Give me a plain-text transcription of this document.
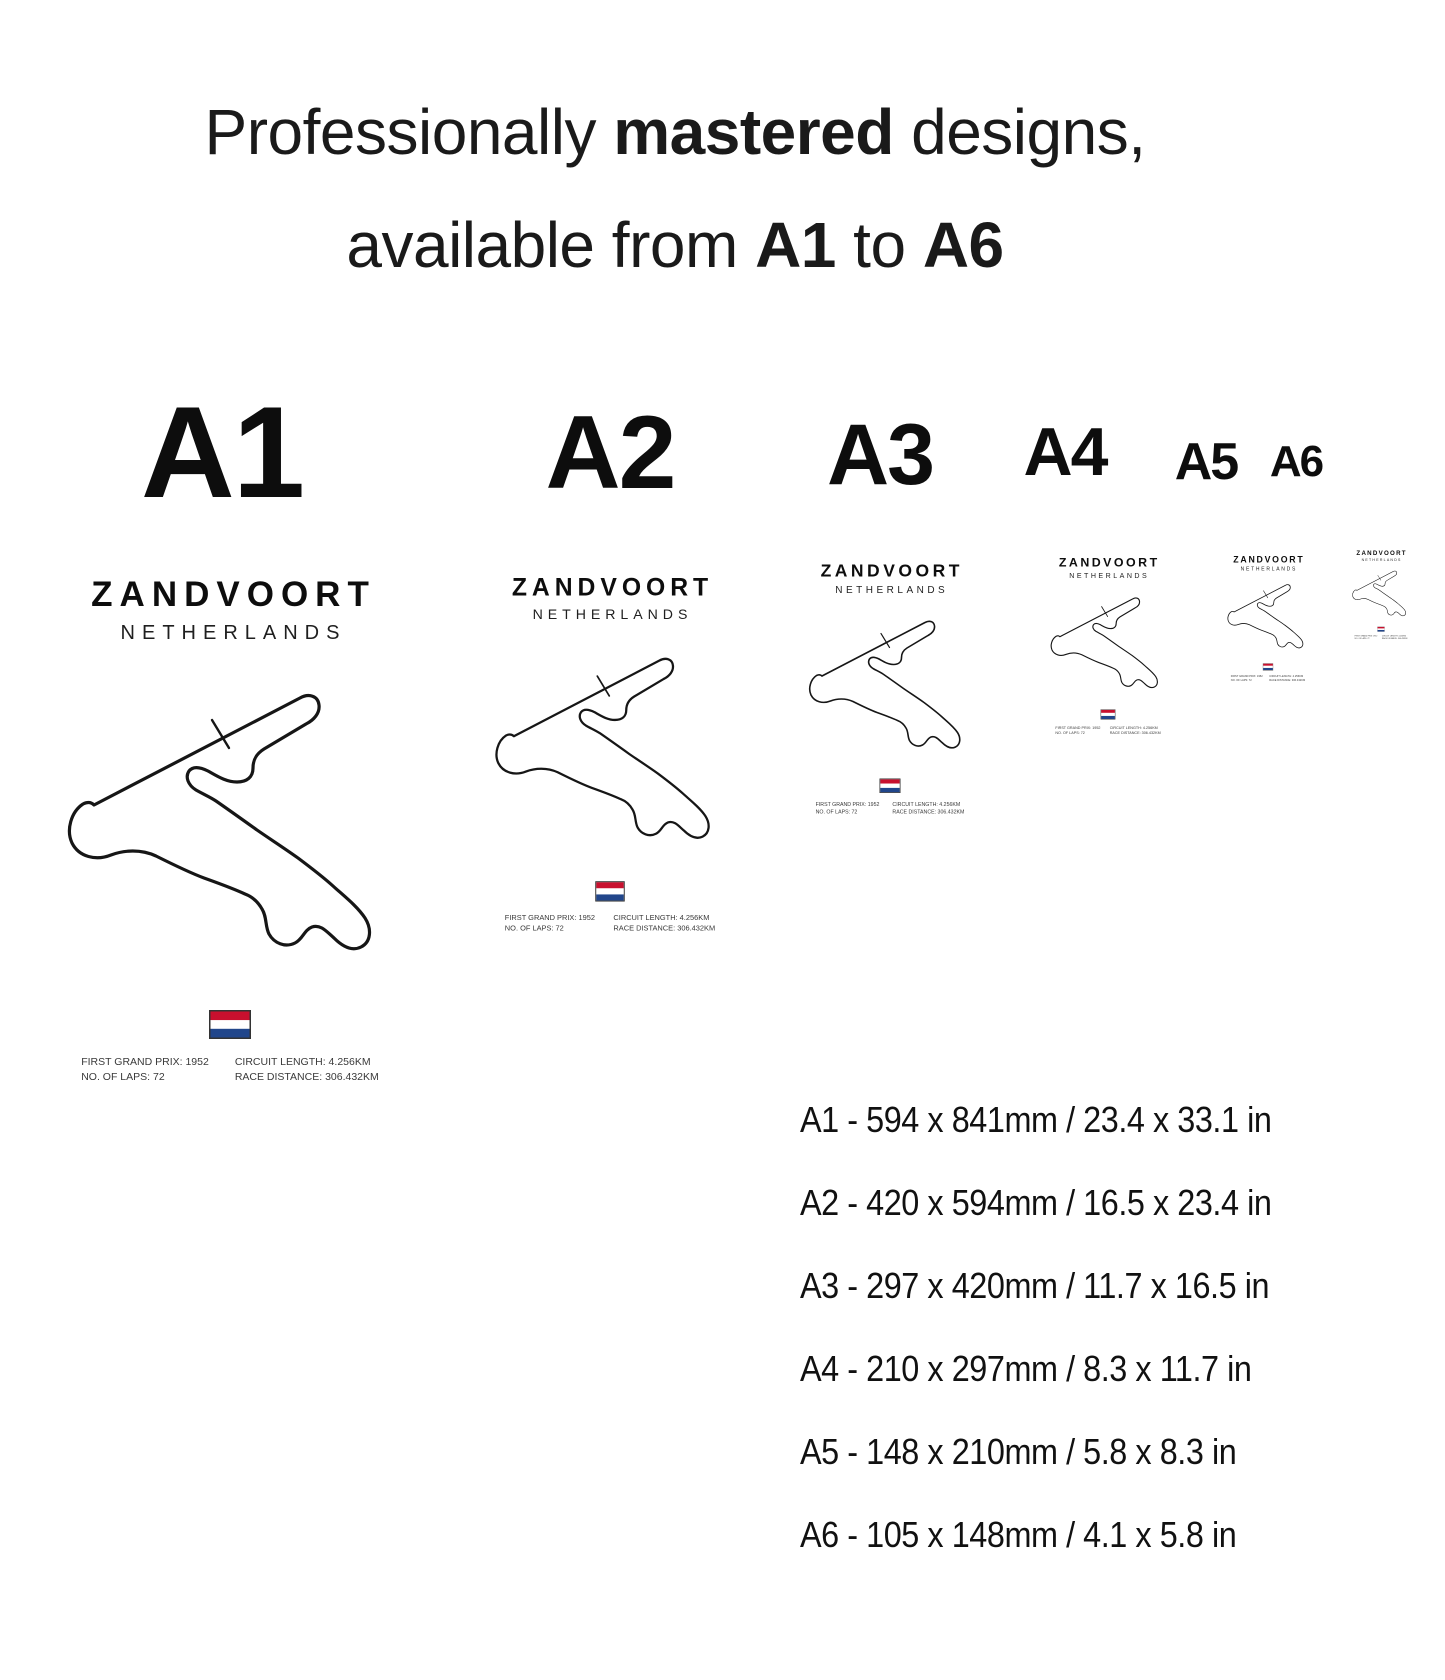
Professionally mastered designs,
available from A1 to A6
A1 A2 A3 A4 A5 A6
ZANDVOORT
NETHERLANDS
FIRST GRAND PRIX: 1952
NO. OF LAPS: 72
CIRCUIT LENGTH: 4.256KM
RACE DISTANCE: 306.432KM
ZANDVOORT
NETHERLANDS
FIRST GRAND PRIX: 1952
NO. OF LAPS: 72
CIRCUIT LENGTH: 4.256KM
RACE DISTANCE: 306.432KM
ZANDVOORT
NETHERLANDS
FIRST GRAND PRIX: 1952
NO. OF LAPS: 72
CIRCUIT LENGTH: 4.256KM
RACE DISTANCE: 306.432KM
ZANDVOORT
NETHERLANDS
FIRST GRAND PRIX: 1952
NO. OF LAPS: 72
CIRCUIT LENGTH: 4.256KM
RACE DISTANCE: 306.432KM
ZANDVOORT
NETHERLANDS
FIRST GRAND PRIX: 1952
NO. OF LAPS: 72
CIRCUIT LENGTH: 4.256KM
RACE DISTANCE: 306.432KM
ZANDVOORT
NETHERLANDS
FIRST GRAND PRIX: 1952
NO. OF LAPS: 72
CIRCUIT LENGTH: 4.256KM
RACE DISTANCE: 306.432KM
A1 - 594 x 841mm / 23.4 x 33.1 in
A2 - 420 x 594mm / 16.5 x 23.4 in
A3 - 297 x 420mm / 11.7 x 16.5 in
A4 - 210 x 297mm / 8.3 x 11.7 in
A5 - 148 x 210mm / 5.8 x 8.3 in
A6 - 105 x 148mm / 4.1 x 5.8 in
